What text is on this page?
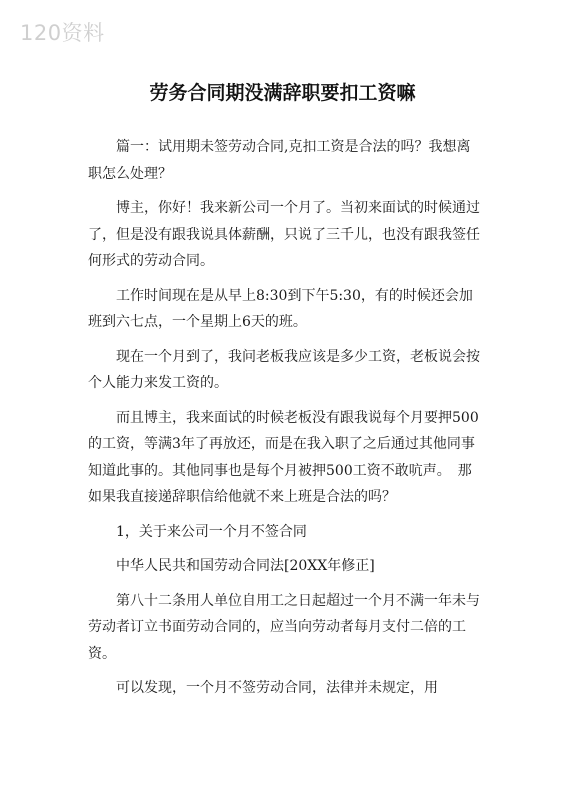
120资料
劳务合同期没满辞职要扣工资嘛

篇一：试用期未签劳动合同,克扣工资是合法的吗？我想离职怎么处理？

博主，你好！我来新公司一个月了。当初来面试的时候通过了，但是没有跟我说具体薪酬，只说了三千儿，也没有跟我签任何形式的劳动合同。

工作时间现在是从早上8:30到下午5:30，有的时候还会加班到六七点，一个星期上6天的班。

现在一个月到了，我问老板我应该是多少工资，老板说会按个人能力来发工资的。

而且博主，我来面试的时候老板没有跟我说每个月要押500的工资，等满3年了再放还，而是在我入职了之后通过其他同事知道此事的。其他同事也是每个月被押500工资不敢吭声。　那如果我直接递辞职信给他就不来上班是合法的吗？

1，关于来公司一个月不签合同

中华人民共和国劳动合同法[20XX年修正]

第八十二条用人单位自用工之日起超过一个月不满一年未与劳动者订立书面劳动合同的，应当向劳动者每月支付二倍的工资。

可以发现，一个月不签劳动合同，法律并未规定，用
